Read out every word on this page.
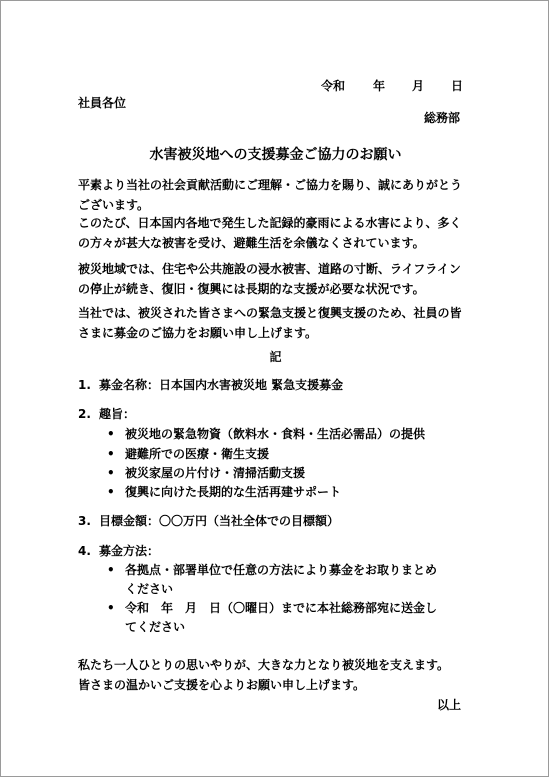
令和 年 月 日
社員各位
総務部
水害被災地への支援募金ご協力のお願い
平素より当社の社会貢献活動にご理解・ご協力を賜り、誠にありがとうございます。
このたび、日本国内各地で発生した記録的豪雨による水害により、多くの方々が甚大な被害を受け、避難生活を余儀なくされています。
被災地域では、住宅や公共施設の浸水被害、道路の寸断、ライフラインの停止が続き、復旧・復興には長期的な支援が必要な状況です。
当社では、被災された皆さまへの緊急支援と復興支援のため、社員の皆さまに募金のご協力をお願い申し上げます。
記
1. 募金名称：日本国内水害被災地 緊急支援募金
2. 趣旨：
• 被災地の緊急物資（飲料水・食料・生活必需品）の提供
• 避難所での医療・衛生支援
• 被災家屋の片付け・清掃活動支援
• 復興に向けた長期的な生活再建サポート
3. 目標金額：〇〇万円（当社全体での目標額）
4. 募金方法：
• 各拠点・部署単位で任意の方法により募金をお取りまとめ
ください
• 令和　年　月　日（〇曜日）までに本社総務部宛に送金し
てください
私たち一人ひとりの思いやりが、大きな力となり被災地を支えます。
皆さまの温かいご支援を心よりお願い申し上げます。
以上
